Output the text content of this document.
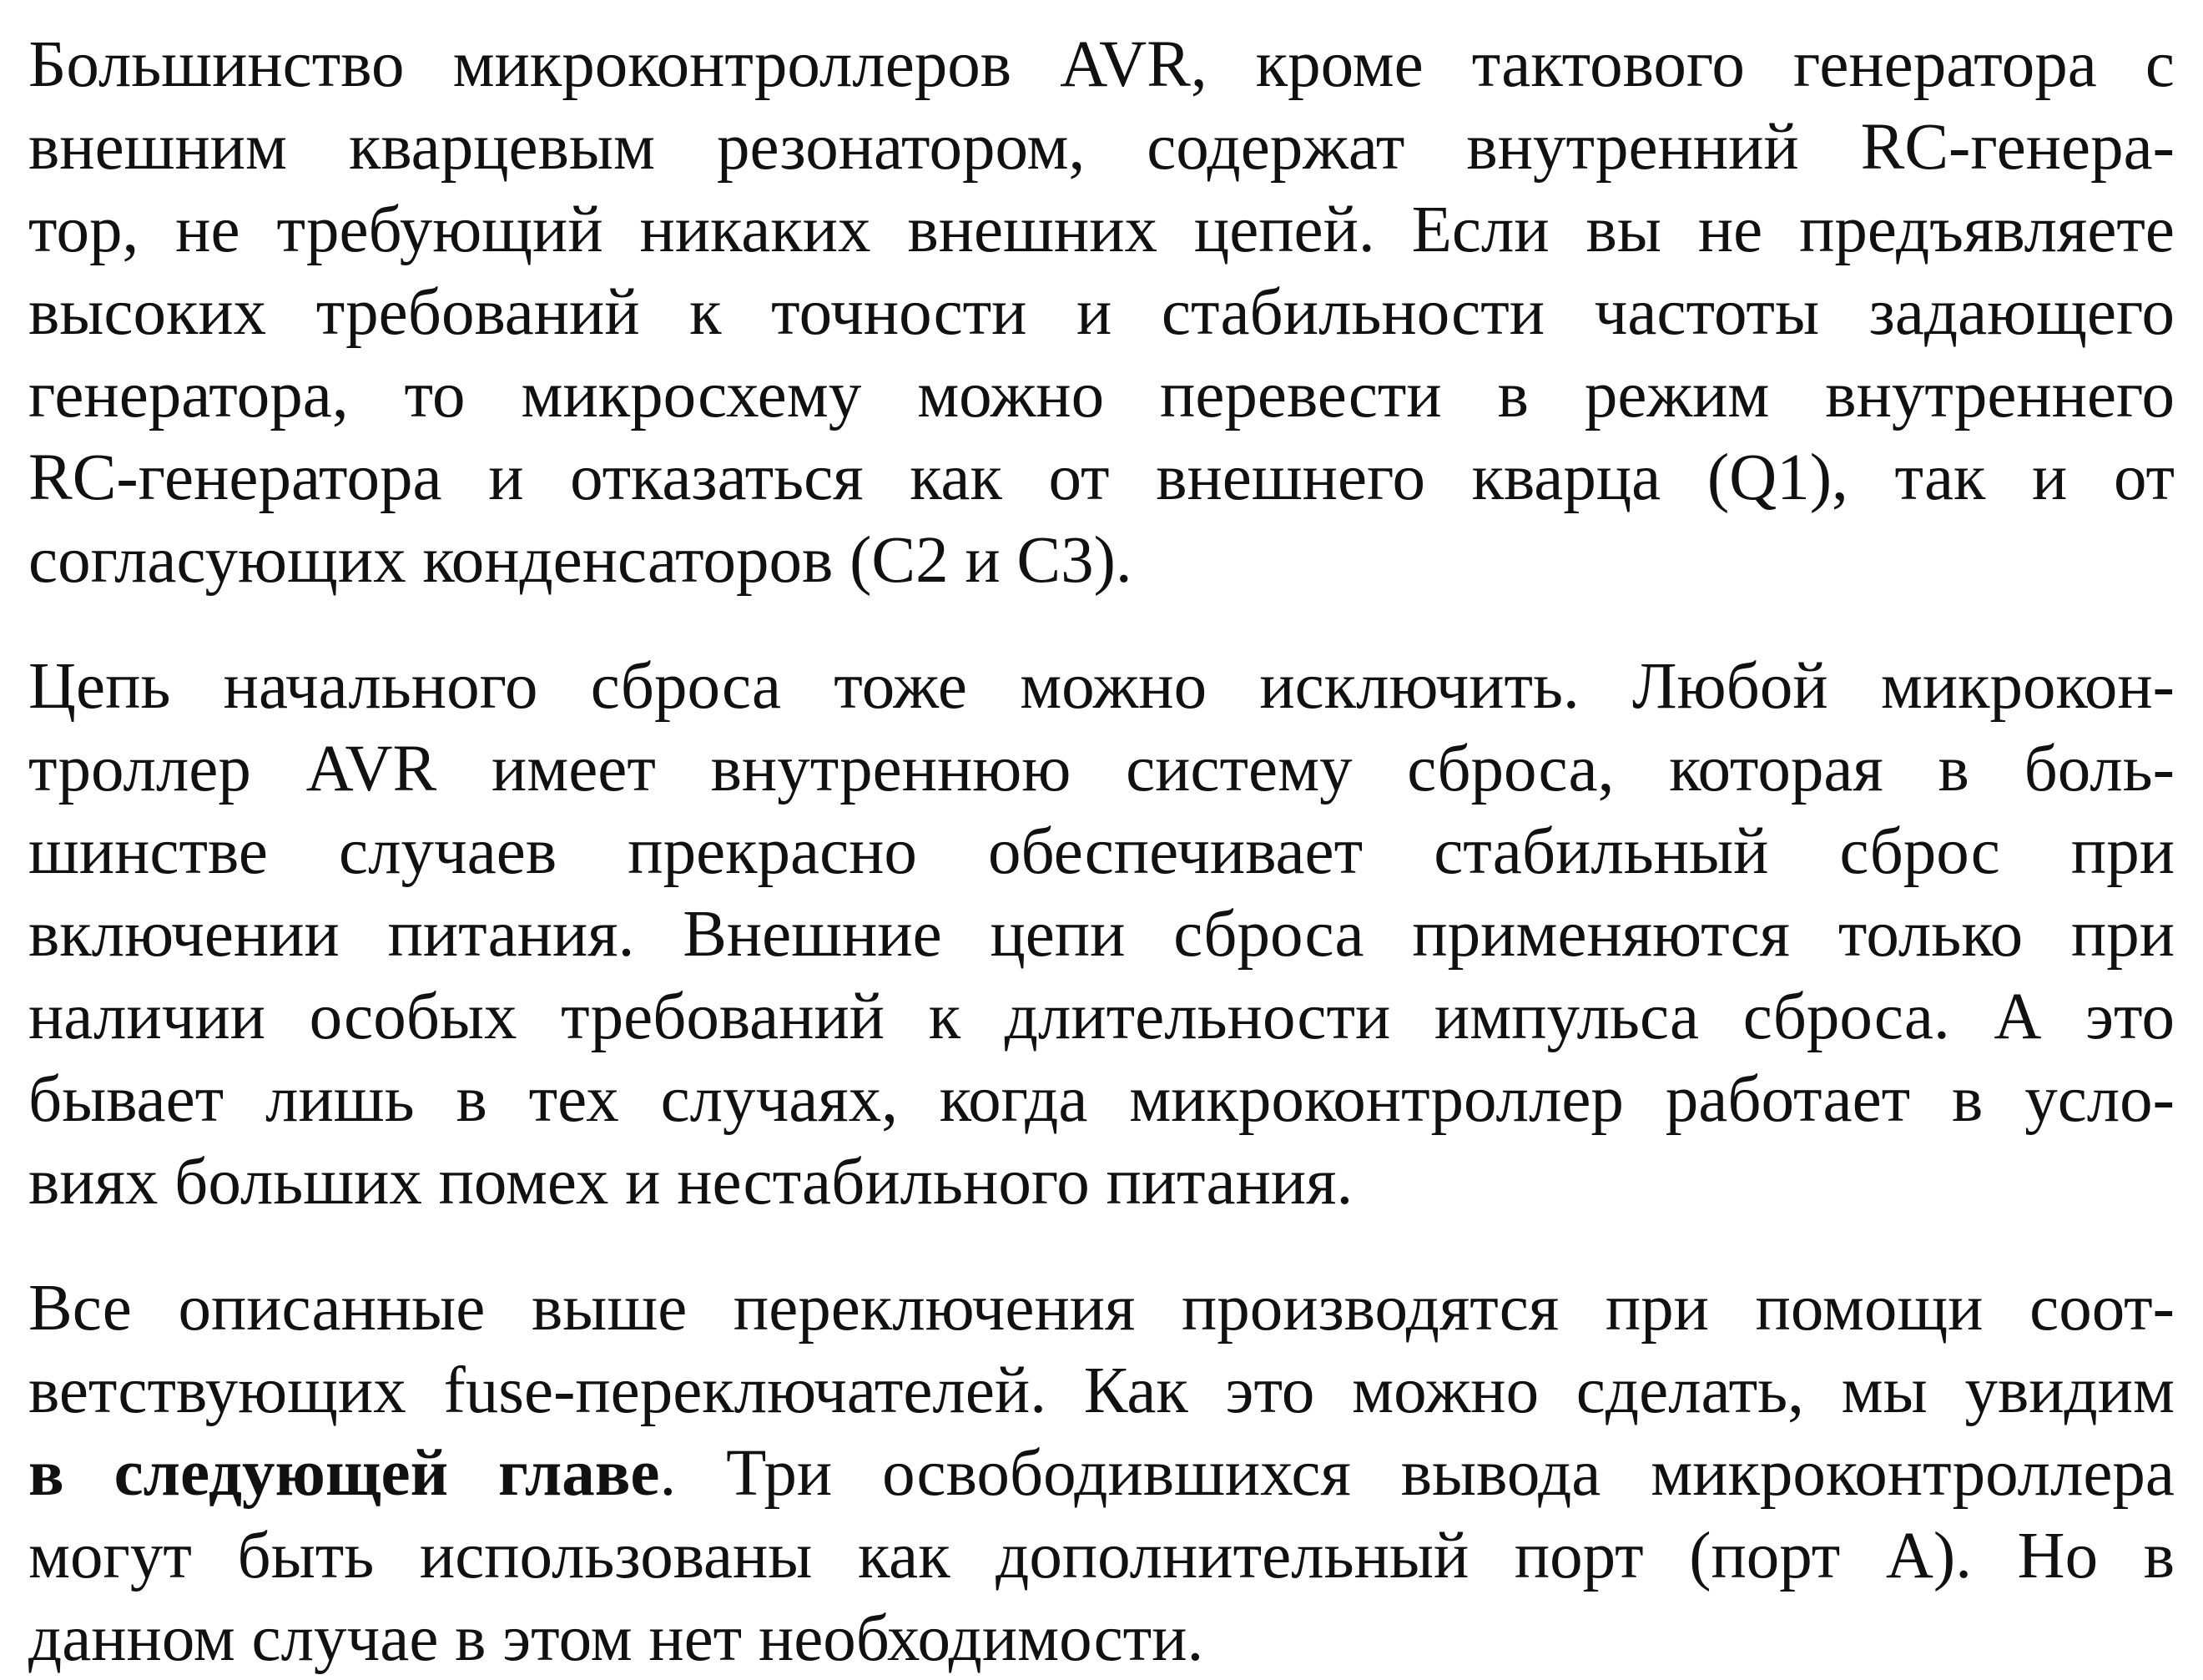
Большинство микроконтроллеров AVR, кроме тактового генератора с
внешним кварцевым резонатором, содержат внутренний RC-генера-
тор, не требующий никаких внешних цепей. Если вы не предъявляете
высоких требований к точности и стабильности частоты задающего
генератора, то микросхему можно перевести в режим внутреннего
RC-генератора и отказаться как от внешнего кварца (Q1), так и от
согласующих конденсаторов (C2 и C3).

Цепь начального сброса тоже можно исключить. Любой микрокон-
троллер AVR имеет внутреннюю систему сброса, которая в боль-
шинстве случаев прекрасно обеспечивает стабильный сброс при
включении питания. Внешние цепи сброса применяются только при
наличии особых требований к длительности импульса сброса. А это
бывает лишь в тех случаях, когда микроконтроллер работает в усло-
виях больших помех и нестабильного питания.

Все описанные выше переключения производятся при помощи соот-
ветствующих fuse-переключателей. Как это можно сделать, мы увидим
в следующей главе. Три освободившихся вывода микроконтроллера
могут быть использованы как дополнительный порт (порт А). Но в
данном случае в этом нет необходимости.
